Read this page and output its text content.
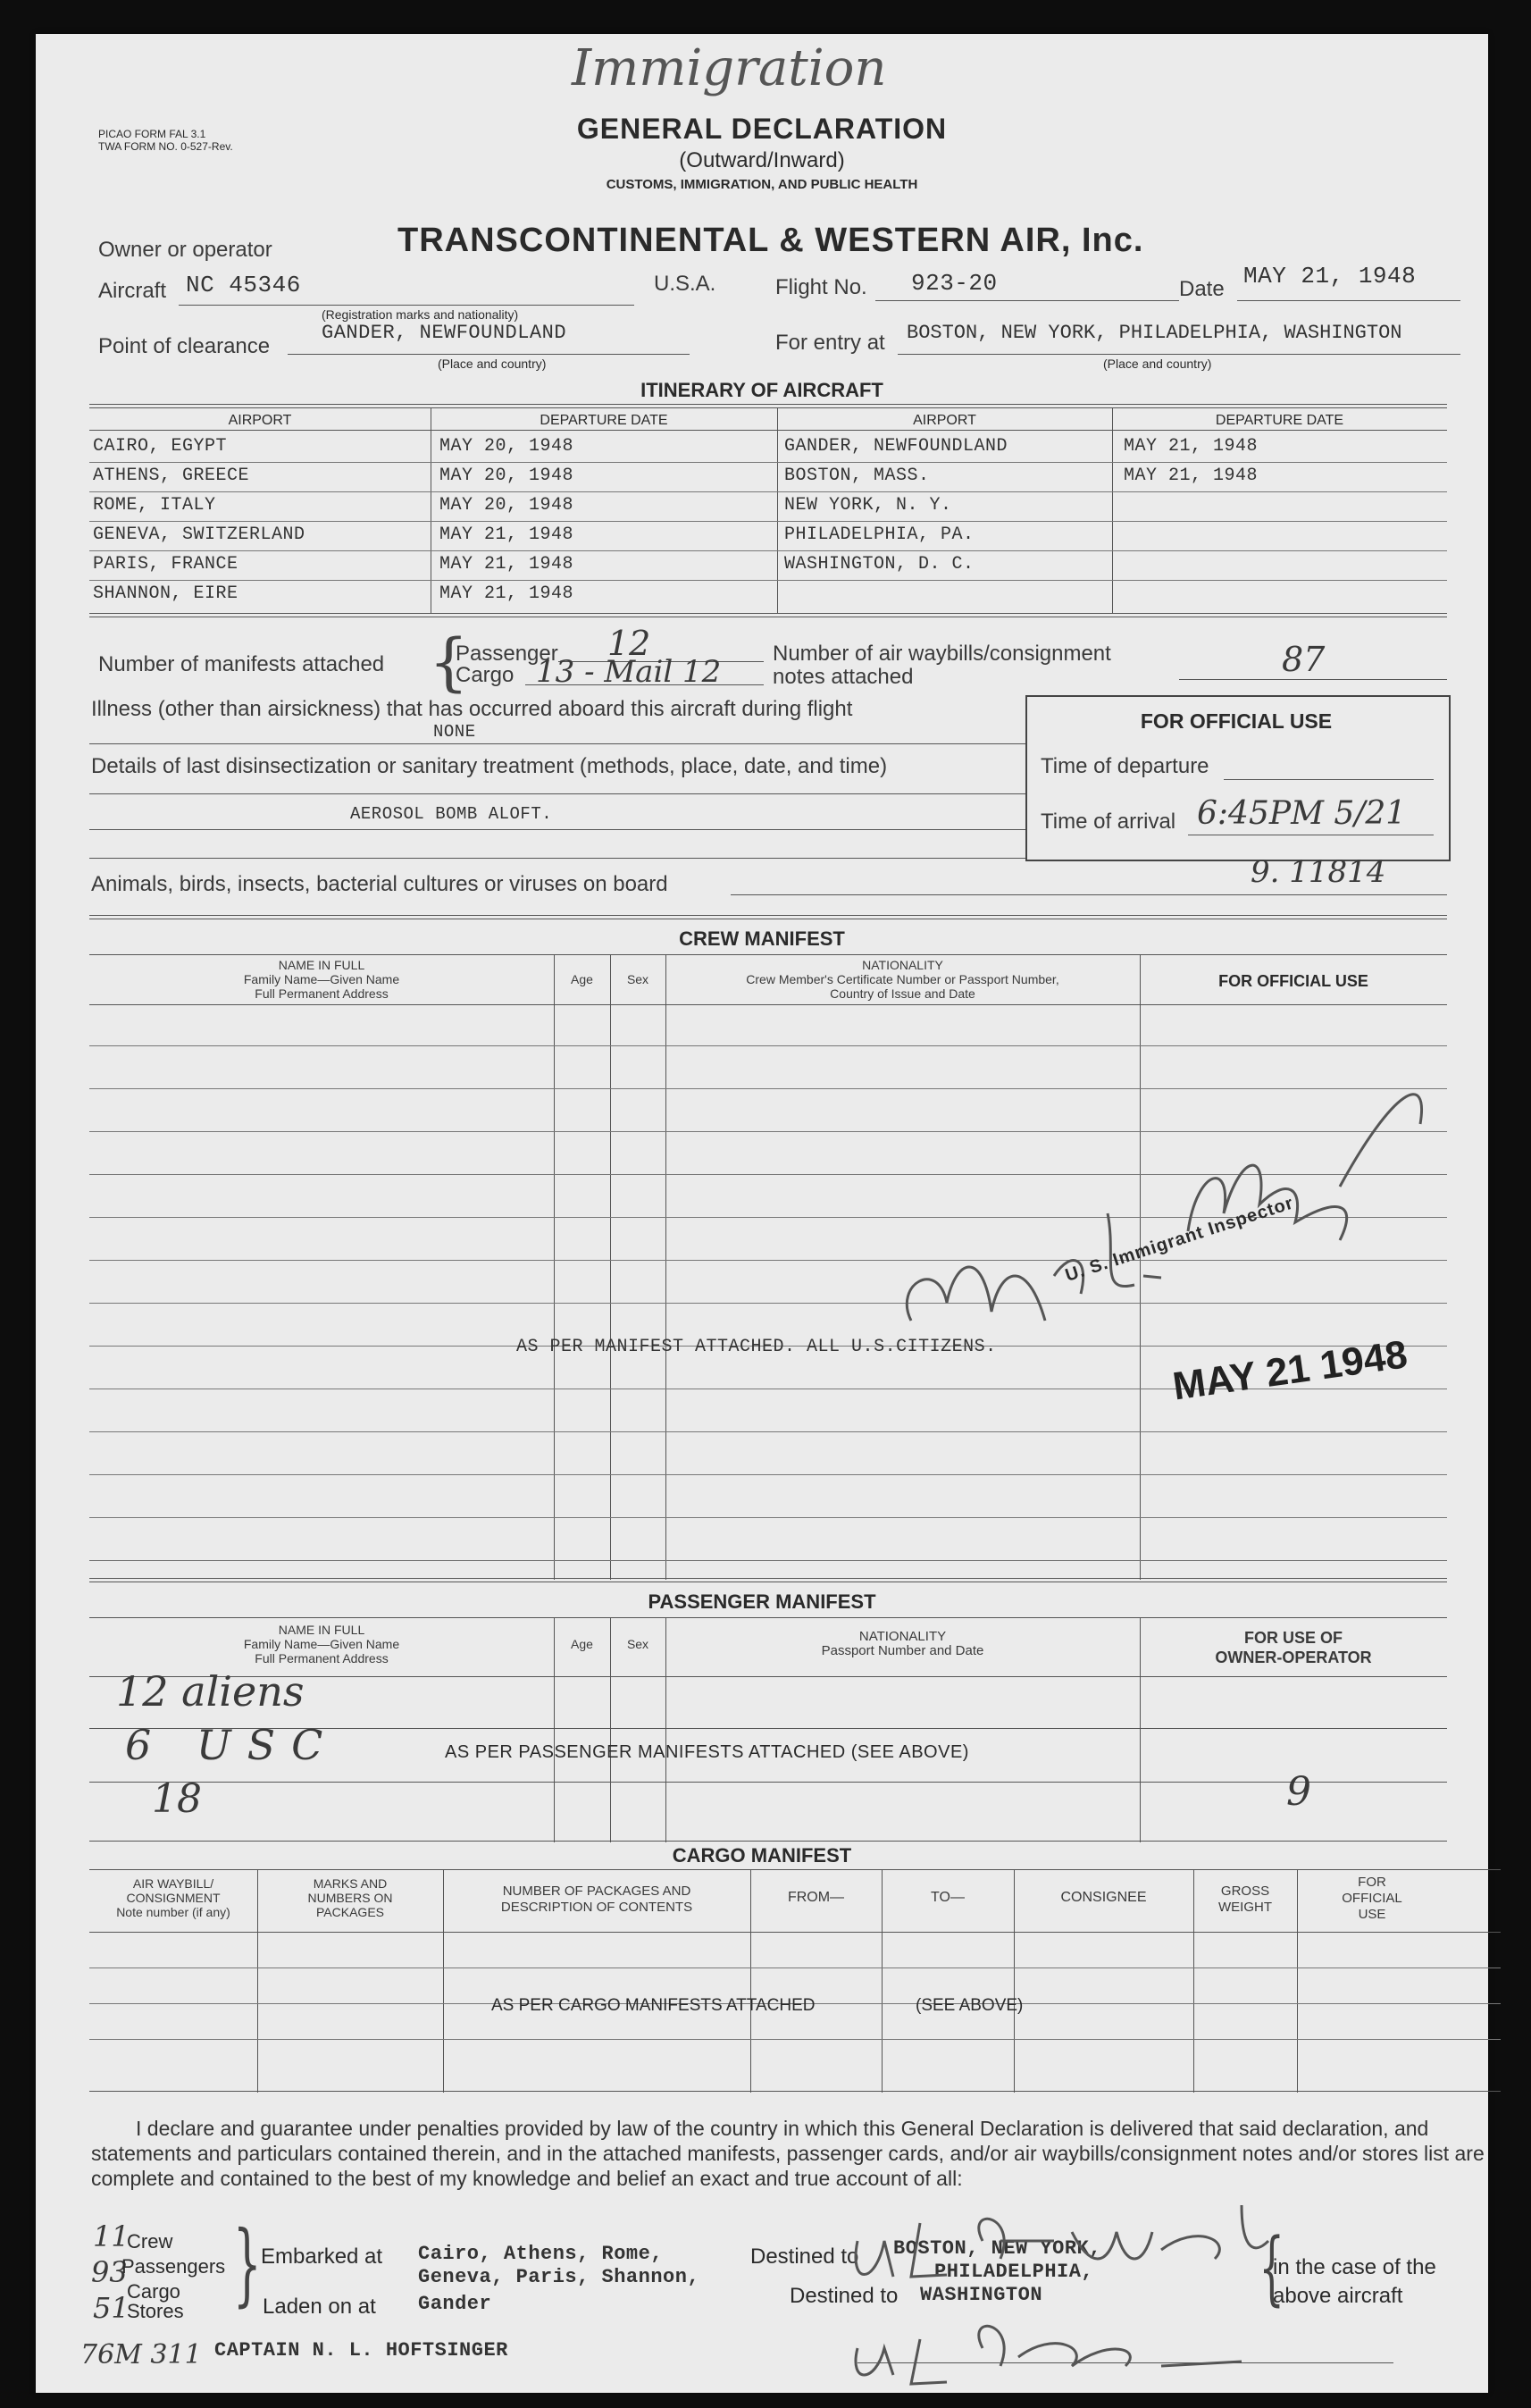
Immigration
PICAO FORM FAL 3.1
TWA FORM NO. 0-527-Rev.
GENERAL DECLARATION
(Outward/Inward)
CUSTOMS, IMMIGRATION, AND PUBLIC HEALTH
Owner or operator	TRANSCONTINENTAL & WESTERN AIR, Inc.
Aircraft NC 45346	U.S.A.
(Registration marks and nationality)
Flight No. 923-20	Date MAY 21, 1948
Point of clearance
GANDER, NEWFOUNDLAND
(Place and country)
For entry at BOSTON, NEW YORK, PHILADELPHIA, WASHINGTON
(Place and country)
ITINERARY OF AIRCRAFT
AIRPORT	DEPARTURE DATE	AIRPORT	DEPARTURE DATE
CAIRO, EGYPT	MAY 20, 1948	GANDER, NEWFOUNDLAND	MAY 21, 1948
ATHENS, GREECE	MAY 20, 1948	BOSTON, MASS.	MAY 21, 1948
ROME, ITALY	MAY 20, 1948	NEW YORK, N. Y.
GENEVA, SWITZERLAND	MAY 21, 1948	PHILADELPHIA, PA.
PARIS, FRANCE	MAY 21, 1948	WASHINGTON, D. C.
SHANNON, EIRE	MAY 21, 1948
Number of manifests attached {
Passenger 12
Cargo 13 - Mail 12
Number of air waybills/consignment
notes attached	87
Illness (other than airsickness) that has occurred aboard this aircraft during flight
NONE
Details of last disinsectization or sanitary treatment (methods, place, date, and time)
AEROSOL BOMB ALOFT.
Animals, birds, insects, bacterial cultures or viruses on board
FOR OFFICIAL USE
Time of departure
Time of arrival 6:45PM 5/21
9. 11814
CREW MANIFEST
NAME IN FULL
Family Name—Given Name
Full Permanent Address
Age	Sex
NATIONALITY
Crew Member's Certificate Number or Passport Number,
Country of Issue and Date
FOR OFFICIAL USE
AS PER MANIFEST ATTACHED. ALL U.S.CITIZENS.
U. S. Immigrant Inspector
MAY 21 1948
PASSENGER MANIFEST
NAME IN FULL
Family Name—Given Name
Full Permanent Address
Age	Sex	NATIONALITY
Passport Number and Date
FOR USE OF
OWNER-OPERATOR
12 aliens
6 USC
18	9
AS PER PASSENGER MANIFESTS ATTACHED (SEE ABOVE)
CARGO MANIFEST
AIR WAYBILL/
CONSIGNMENT
Note number (if any)
MARKS AND
NUMBERS ON
PACKAGES
NUMBER OF PACKAGES AND
DESCRIPTION OF CONTENTS
FROM—	TO—	CONSIGNEE	GROSS
WEIGHT
FOR
OFFICIAL
USE
AS PER CARGO MANIFESTS ATTACHED	(SEE ABOVE)
I declare and guarantee under penalties provided by law of the country in which this General Declaration is delivered that said declaration, and statements and particulars contained therein, and in the attached manifests, passenger cards, and/or air waybills/consignment notes and/or stores list are complete and contained to the best of my knowledge and belief an exact and true account of all:
11
93
51
Crew
Passengers
Cargo
Stores } Embarked at Cairo, Athens, Rome,
Geneva, Paris, Shannon,
Laden on at Gander
Destined to
Destined to
BOSTON, NEW YORK,
PHILADELPHIA,
WASHINGTON	{
in the case of the
above aircraft
76M 311 CAPTAIN N. L. HOFTSINGER
